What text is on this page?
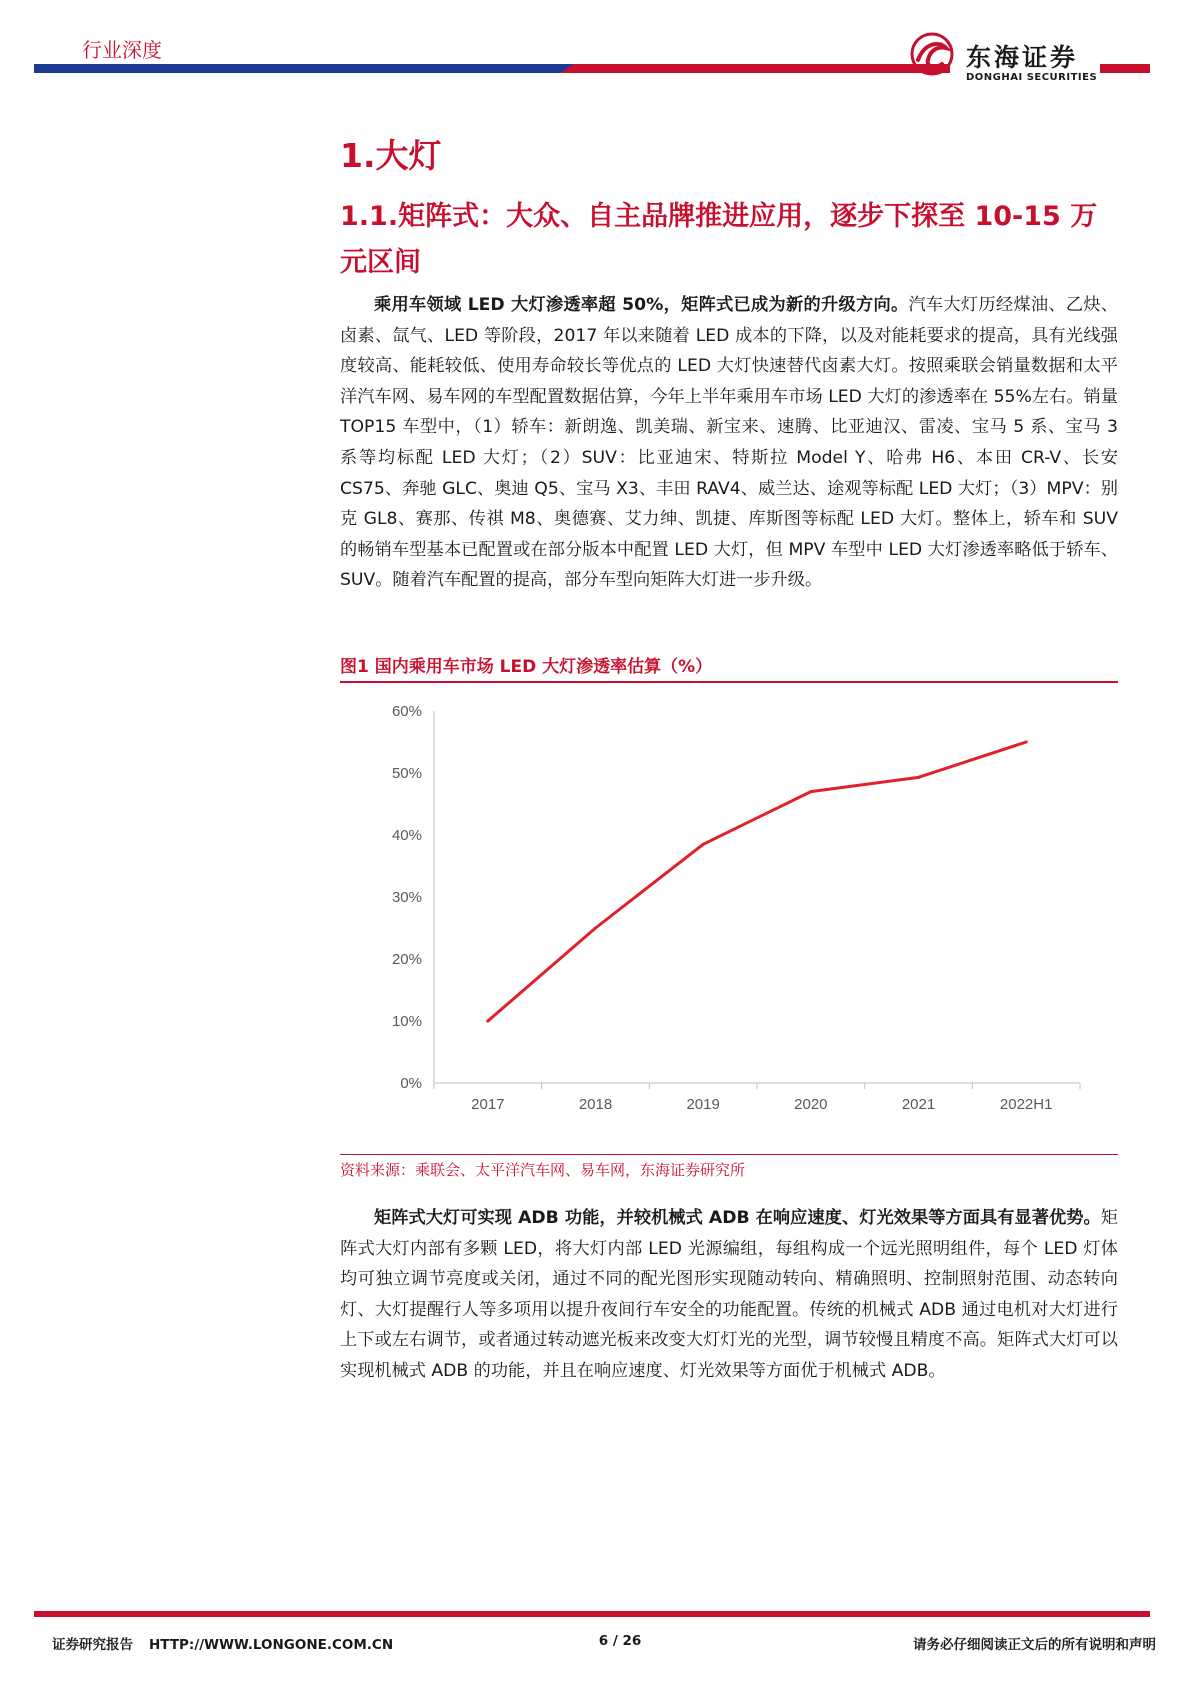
行业深度	东海证券
DONGHAI SECURITIES
1.大灯
1.1.矩阵式：大众、自主品牌推进应用，逐步下探至 10-15 万元区间
乘用车领域 LED 大灯渗透率超 50%，矩阵式已成为新的升级方向。汽车大灯历经煤油、乙炔、卤素、氙气、LED 等阶段，2017 年以来随着 LED 成本的下降，以及对能耗要求的提高，具有光线强度较高、能耗较低、使用寿命较长等优点的 LED 大灯快速替代卤素大灯。按照乘联会销量数据和太平洋汽车网、易车网的车型配置数据估算，今年上半年乘用车市场 LED 大灯的渗透率在 55%左右。销量 TOP15 车型中，（1）轿车：新朗逸、凯美瑞、新宝来、速腾、比亚迪汉、雷凌、宝马 5 系、宝马 3 系等均标配 LED 大灯；（2）SUV：比亚迪宋、特斯拉 Model Y、哈弗 H6、本田 CR-V、长安 CS75、奔驰 GLC、奥迪 Q5、宝马 X3、丰田 RAV4、威兰达、途观等标配 LED 大灯；（3）MPV：别克 GL8、赛那、传祺 M8、奥德赛、艾力绅、凯捷、库斯图等标配 LED 大灯。整体上，轿车和 SUV 的畅销车型基本已配置或在部分版本中配置 LED 大灯，但 MPV 车型中 LED 大灯渗透率略低于轿车、SUV。随着汽车配置的提高，部分车型向矩阵大灯进一步升级。
图1 国内乘用车市场 LED 大灯渗透率估算（%）
0%
10%
20%
30%
40%
50%
60%
2017	2018	2019	2020	2021	2022H1
资料来源：乘联会、太平洋汽车网、易车网，东海证券研究所
矩阵式大灯可实现 ADB 功能，并较机械式 ADB 在响应速度、灯光效果等方面具有显著优势。矩阵式大灯内部有多颗 LED，将大灯内部 LED 光源编组，每组构成一个远光照明组件，每个 LED 灯体均可独立调节亮度或关闭，通过不同的配光图形实现随动转向、精确照明、控制照射范围、动态转向灯、大灯提醒行人等多项用以提升夜间行车安全的功能配置。传统的机械式 ADB 通过电机对大灯进行上下或左右调节，或者通过转动遮光板来改变大灯灯光的光型，调节较慢且精度不高。矩阵式大灯可以实现机械式 ADB 的功能，并且在响应速度、灯光效果等方面优于机械式 ADB。
证券研究报告 HTTP://WWW.LONGONE.COM.CN	6 / 26	请务必仔细阅读正文后的所有说明和声明
